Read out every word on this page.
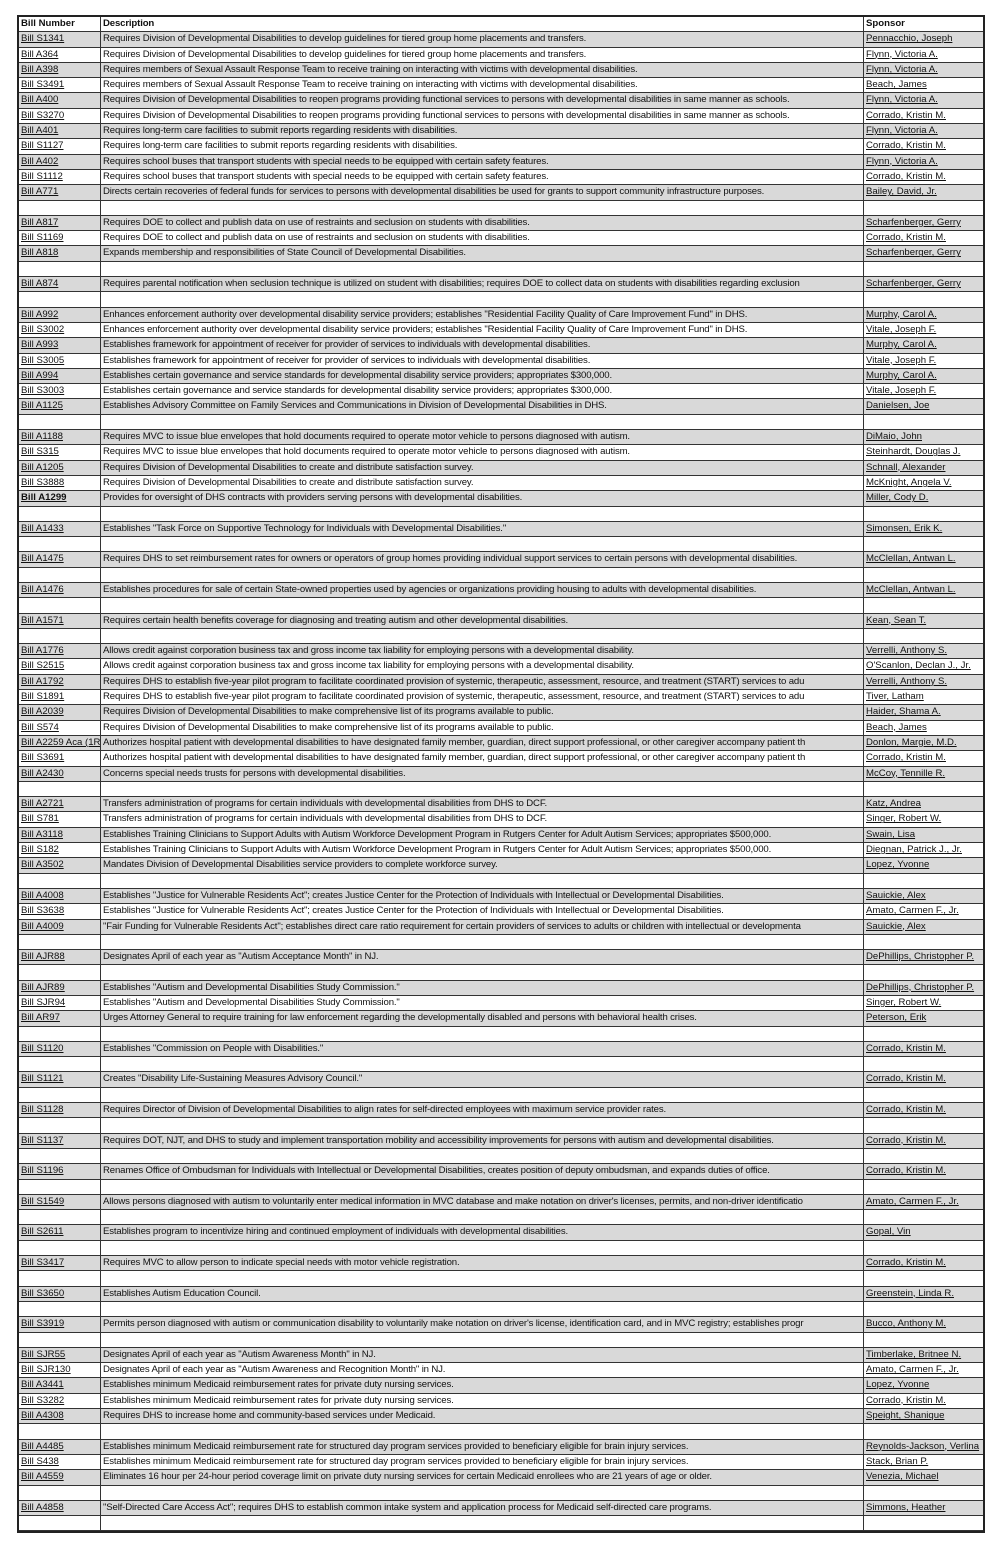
Bill Number	Description	Sponsor
Bill S1341	Requires Division of Developmental Disabilities to develop guidelines for tiered group home placements and transfers.	Pennacchio, Joseph
Bill A364	Requires Division of Developmental Disabilities to develop guidelines for tiered group home placements and transfers.	Flynn, Victoria A.
Bill A398	Requires members of Sexual Assault Response Team to receive training on interacting with victims with developmental disabilities.	Flynn, Victoria A.
Bill S3491	Requires members of Sexual Assault Response Team to receive training on interacting with victims with developmental disabilities.	Beach, James
Bill A400	Requires Division of Developmental Disabilities to reopen programs providing functional services to persons with developmental disabilities in same manner as schools.	Flynn, Victoria A.
Bill S3270	Requires Division of Developmental Disabilities to reopen programs providing functional services to persons with developmental disabilities in same manner as schools.	Corrado, Kristin M.
Bill A401	Requires long-term care facilities to submit reports regarding residents with disabilities.	Flynn, Victoria A.
Bill S1127	Requires long-term care facilities to submit reports regarding residents with disabilities.	Corrado, Kristin M.
Bill A402	Requires school buses that transport students with special needs to be equipped with certain safety features.	Flynn, Victoria A.
Bill S1112	Requires school buses that transport students with special needs to be equipped with certain safety features.	Corrado, Kristin M.
Bill A771	Directs certain recoveries of federal funds for services to persons with developmental disabilities be used for grants to support community infrastructure purposes.	Bailey, David, Jr.
Bill A817	Requires DOE to collect and publish data on use of restraints and seclusion on students with disabilities.	Scharfenberger, Gerry
Bill S1169	Requires DOE to collect and publish data on use of restraints and seclusion on students with disabilities.	Corrado, Kristin M.
Bill A818	Expands membership and responsibilities of State Council of Developmental Disabilities.	Scharfenberger, Gerry
Bill A874	Requires parental notification when seclusion technique is utilized on student with disabilities; requires DOE to collect data on students with disabilities regarding exclusion	Scharfenberger, Gerry
Bill A992	Enhances enforcement authority over developmental disability service providers; establishes "Residential Facility Quality of Care Improvement Fund" in DHS.	Murphy, Carol A.
Bill S3002	Enhances enforcement authority over developmental disability service providers; establishes "Residential Facility Quality of Care Improvement Fund" in DHS.	Vitale, Joseph F.
Bill A993	Establishes framework for appointment of receiver for provider of services to individuals with developmental disabilities.	Murphy, Carol A.
Bill S3005	Establishes framework for appointment of receiver for provider of services to individuals with developmental disabilities.	Vitale, Joseph F.
Bill A994	Establishes certain governance and service standards for developmental disability service providers; appropriates $300,000.	Murphy, Carol A.
Bill S3003	Establishes certain governance and service standards for developmental disability service providers; appropriates $300,000.	Vitale, Joseph F.
Bill A1125	Establishes Advisory Committee on Family Services and Communications in Division of Developmental Disabilities in DHS.	Danielsen, Joe
Bill A1188	Requires MVC to issue blue envelopes that hold documents required to operate motor vehicle to persons diagnosed with autism.	DiMaio, John
Bill S315	Requires MVC to issue blue envelopes that hold documents required to operate motor vehicle to persons diagnosed with autism.	Steinhardt, Douglas J.
Bill A1205	Requires Division of Developmental Disabilities to create and distribute satisfaction survey.	Schnall, Alexander
Bill S3888	Requires Division of Developmental Disabilities to create and distribute satisfaction survey.	McKnight, Angela V.
Bill A1299	Provides for oversight of DHS contracts with providers serving persons with developmental disabilities.	Miller, Cody D.
Bill A1433	Establishes "Task Force on Supportive Technology for Individuals with Developmental Disabilities."	Simonsen, Erik K.
Bill A1475	Requires DHS to set reimbursement rates for owners or operators of group homes providing individual support services to certain persons with developmental disabilities.	McClellan, Antwan L.
Bill A1476	Establishes procedures for sale of certain State-owned properties used by agencies or organizations providing housing to adults with developmental disabilities.	McClellan, Antwan L.
Bill A1571	Requires certain health benefits coverage for diagnosing and treating autism and other developmental disabilities.	Kean, Sean T.
Bill A1776	Allows credit against corporation business tax and gross income tax liability for employing persons with a developmental disability.	Verrelli, Anthony S.
Bill S2515	Allows credit against corporation business tax and gross income tax liability for employing persons with a developmental disability.	O'Scanlon, Declan J., Jr.
Bill A1792	Requires DHS to establish five-year pilot program to facilitate coordinated provision of systemic, therapeutic, assessment, resource, and treatment (START) services to adu	Verrelli, Anthony S.
Bill S1891	Requires DHS to establish five-year pilot program to facilitate coordinated provision of systemic, therapeutic, assessment, resource, and treatment (START) services to adu	Tiver, Latham
Bill A2039	Requires Division of Developmental Disabilities to make comprehensive list of its programs available to public.	Haider, Shama A.
Bill S574	Requires Division of Developmental Disabilities to make comprehensive list of its programs available to public.	Beach, James
Bill A2259 Aca (1R Authorizes hospital patient with developmental disabilities to have designated family member, guardian, direct support professional, or other caregiver accompany patient th	Donlon, Margie, M.D.
Bill S3691	Authorizes hospital patient with developmental disabilities to have designated family member, guardian, direct support professional, or other caregiver accompany patient th	Corrado, Kristin M.
Bill A2430	Concerns special needs trusts for persons with developmental disabilities.	McCoy, Tennille R.
Bill A2721	Transfers administration of programs for certain individuals with developmental disabilities from DHS to DCF.	Katz, Andrea
Bill S781	Transfers administration of programs for certain individuals with developmental disabilities from DHS to DCF.	Singer, Robert W.
Bill A3118	Establishes Training Clinicians to Support Adults with Autism Workforce Development Program in Rutgers Center for Adult Autism Services; appropriates $500,000.	Swain, Lisa
Bill S182	Establishes Training Clinicians to Support Adults with Autism Workforce Development Program in Rutgers Center for Adult Autism Services; appropriates $500,000.	Diegnan, Patrick J., Jr.
Bill A3502	Mandates Division of Developmental Disabilities service providers to complete workforce survey.	Lopez, Yvonne
Bill A4008	Establishes "Justice for Vulnerable Residents Act"; creates Justice Center for the Protection of Individuals with Intellectual or Developmental Disabilities.	Sauickie, Alex
Bill S3638	Establishes "Justice for Vulnerable Residents Act"; creates Justice Center for the Protection of Individuals with Intellectual or Developmental Disabilities.	Amato, Carmen F., Jr.
Bill A4009	"Fair Funding for Vulnerable Residents Act"; establishes direct care ratio requirement for certain providers of services to adults or children with intellectual or developmenta	Sauickie, Alex
Bill AJR88	Designates April of each year as "Autism Acceptance Month" in NJ.	DePhillips, Christopher P.
Bill AJR89	Establishes "Autism and Developmental Disabilities Study Commission."	DePhillips, Christopher P.
Bill SJR94	Establishes "Autism and Developmental Disabilities Study Commission."	Singer, Robert W.
Bill AR97	Urges Attorney General to require training for law enforcement regarding the developmentally disabled and persons with behavioral health crises.	Peterson, Erik
Bill S1120	Establishes "Commission on People with Disabilities."	Corrado, Kristin M.
Bill S1121	Creates "Disability Life-Sustaining Measures Advisory Council."	Corrado, Kristin M.
Bill S1128	Requires Director of Division of Developmental Disabilities to align rates for self-directed employees with maximum service provider rates.	Corrado, Kristin M.
Bill S1137	Requires DOT, NJT, and DHS to study and implement transportation mobility and accessibility improvements for persons with autism and developmental disabilities.	Corrado, Kristin M.
Bill S1196	Renames Office of Ombudsman for Individuals with Intellectual or Developmental Disabilities, creates position of deputy ombudsman, and expands duties of office.	Corrado, Kristin M.
Bill S1549	Allows persons diagnosed with autism to voluntarily enter medical information in MVC database and make notation on driver's licenses, permits, and non-driver identificatio	Amato, Carmen F., Jr.
Bill S2611	Establishes program to incentivize hiring and continued employment of individuals with developmental disabilities.	Gopal, Vin
Bill S3417	Requires MVC to allow person to indicate special needs with motor vehicle registration.	Corrado, Kristin M.
Bill S3650	Establishes Autism Education Council.	Greenstein, Linda R.
Bill S3919	Permits person diagnosed with autism or communication disability to voluntarily make notation on driver's license, identification card, and in MVC registry; establishes progr	Bucco, Anthony M.
Bill SJR55	Designates April of each year as "Autism Awareness Month" in NJ.	Timberlake, Britnee N.
Bill SJR130	Designates April of each year as "Autism Awareness and Recognition Month" in NJ.	Amato, Carmen F., Jr.
Bill A3441	Establishes minimum Medicaid reimbursement rates for private duty nursing services.	Lopez, Yvonne
Bill S3282	Establishes minimum Medicaid reimbursement rates for private duty nursing services.	Corrado, Kristin M.
Bill A4308	Requires DHS to increase home and community-based services under Medicaid.	Speight, Shanique
Bill A4485	Establishes minimum Medicaid reimbursement rate for structured day program services provided to beneficiary eligible for brain injury services.	Reynolds-Jackson, Verlina
Bill S438	Establishes minimum Medicaid reimbursement rate for structured day program services provided to beneficiary eligible for brain injury services.	Stack, Brian P.
Bill A4559	Eliminates 16 hour per 24-hour period coverage limit on private duty nursing services for certain Medicaid enrollees who are 21 years of age or older.	Venezia, Michael
Bill A4858	"Self-Directed Care Access Act"; requires DHS to establish common intake system and application process for Medicaid self-directed care programs.	Simmons, Heather
